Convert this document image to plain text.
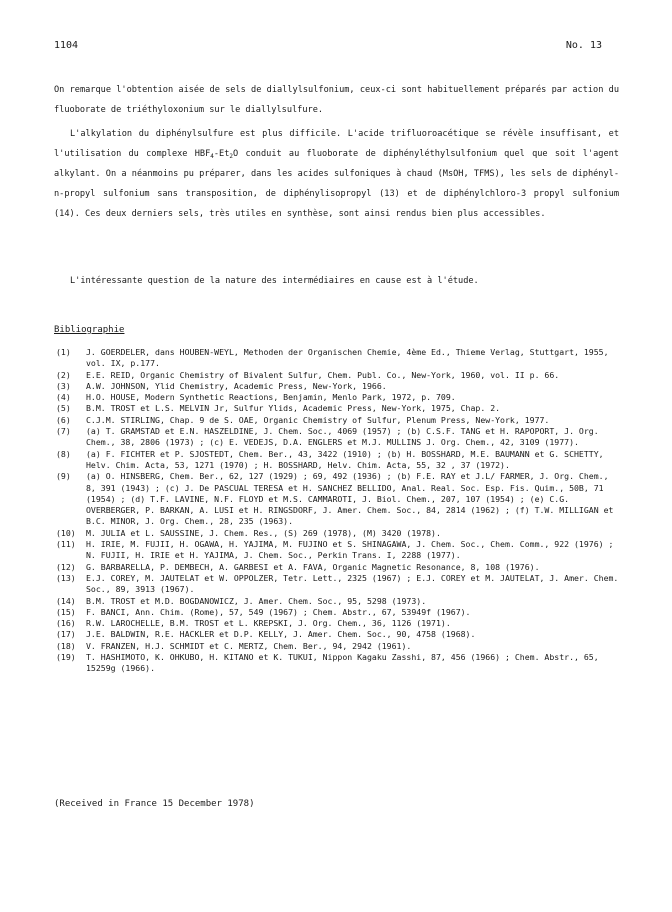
1104	No. 13

On remarque l'obtention aisée de sels de diallylsulfonium, ceux-ci sont habituellement préparés par action du fluoborate de triéthyloxonium sur le diallylsulfure.

L'alkylation du diphénylsulfure est plus difficile. L'acide trifluoroacétique se révèle insuffisant, et l'utilisation du complexe $HBF_4-Et_2O$ conduit au fluoborate de diphényléthylsulfonium quel que soit l'agent alkylant. On a néanmoins pu préparer, dans les acides sulfoniques à chaud (MsOH, TFMS), les sels de diphényl-n-propyl sulfonium sans transposition, de diphénylisopropyl (13) et de diphénylchloro-3 propyl sulfonium (14). Ces deux derniers sels, très utiles en synthèse, sont ainsi rendus bien plus accessibles.

L'intéressante question de la nature des intermédiaires en cause est à l'étude.

Bibliographie
(1)	J. GOERDELER, dans HOUBEN-WEYL, Methoden der Organischen Chemie, 4ème Ed., Thieme Verlag, Stuttgart, 1955, vol. IX, p.177.
(2)	E.E. REID, Organic Chemistry of Bivalent Sulfur, Chem. Publ. Co., New-York, 1960, vol. II p. 66.
(3)	A.W. JOHNSON, Ylid Chemistry, Academic Press, New-York, 1966.
(4)	H.O. HOUSE, Modern Synthetic Reactions, Benjamin, Menlo Park, 1972, p. 709.
(5)	B.M. TROST et L.S. MELVIN Jr, Sulfur Ylids, Academic Press, New-York, 1975, Chap. 2.
(6)	C.J.M. STIRLING, Chap. 9 de S. OAE, Organic Chemistry of Sulfur, Plenum Press, New-York, 1977.
(7)	(a) T. GRAMSTAD et E.N. HASZELDINE, J. Chem. Soc., 4069 (1957) ; (b) C.S.F. TANG et H. RAPOPORT, J. Org. Chem., 38, 2806 (1973) ; (c) E. VEDEJS, D.A. ENGLERS et M.J. MULLINS J. Org. Chem., 42, 3109 (1977).
(8)	(a) F. FICHTER et P. SJOSTEDT, Chem. Ber., 43, 3422 (1910) ; (b) H. BOSSHARD, M.E. BAUMANN et G. SCHETTY, Helv. Chim. Acta, 53, 1271 (1970) ; H. BOSSHARD, Helv. Chim. Acta, 55, 32 , 37 (1972).
(9)	(a) O. HINSBERG, Chem. Ber., 62, 127 (1929) ; 69, 492 (1936) ; (b) F.E. RAY et J.L/ FARMER, J. Org. Chem., 8, 391 (1943) ; (c) J. De PASCUAL TERESA et H. SANCHEZ BELLIDO, Anal. Real. Soc. Esp. Fis. Quim., 50B, 71 (1954) ; (d) T.F. LAVINE, N.F. FLOYD et M.S. CAMMAROTI, J. Biol. Chem., 207, 107 (1954) ; (e) C.G. OVERBERGER, P. BARKAN, A. LUSI et H. RINGSDORF, J. Amer. Chem. Soc., 84, 2814 (1962) ; (f) T.W. MILLIGAN et B.C. MINOR, J. Org. Chem., 28, 235 (1963).
(10)	M. JULIA et L. SAUSSINE, J. Chem. Res., (S) 269 (1978), (M) 3420 (1978).
(11)	H. IRIE, M. FUJII, H. OGAWA, H. YAJIMA, M. FUJINO et S. SHINAGAWA, J. Chem. Soc., Chem. Comm., 922 (1976) ; N. FUJII, H. IRIE et H. YAJIMA, J. Chem. Soc., Perkin Trans. I, 2288 (1977).
(12)	G. BARBARELLA, P. DEMBECH, A. GARBESI et A. FAVA, Organic Magnetic Resonance, 8, 108 (1976).
(13)	E.J. COREY, M. JAUTELAT et W. OPPOLZER, Tetr. Lett., 2325 (1967) ; E.J. COREY et M. JAUTELAT, J. Amer. Chem. Soc., 89, 3913 (1967).
(14)	B.M. TROST et M.D. BOGDANOWICZ, J. Amer. Chem. Soc., 95, 5298 (1973).
(15)	F. BANCI, Ann. Chim. (Rome), 57, 549 (1967) ; Chem. Abstr., 67, 53949f (1967).
(16)	R.W. LAROCHELLE, B.M. TROST et L. KREPSKI, J. Org. Chem., 36, 1126 (1971).
(17)	J.E. BALDWIN, R.E. HACKLER et D.P. KELLY, J. Amer. Chem. Soc., 90, 4758 (1968).
(18)	V. FRANZEN, H.J. SCHMIDT et C. MERTZ, Chem. Ber., 94, 2942 (1961).
(19)	T. HASHIMOTO, K. OHKUBO, H. KITANO et K. TUKUI, Nippon Kagaku Zasshi, 87, 456 (1966) ; Chem. Abstr., 65, 15259g (1966).
(Received in France 15 December 1978)
